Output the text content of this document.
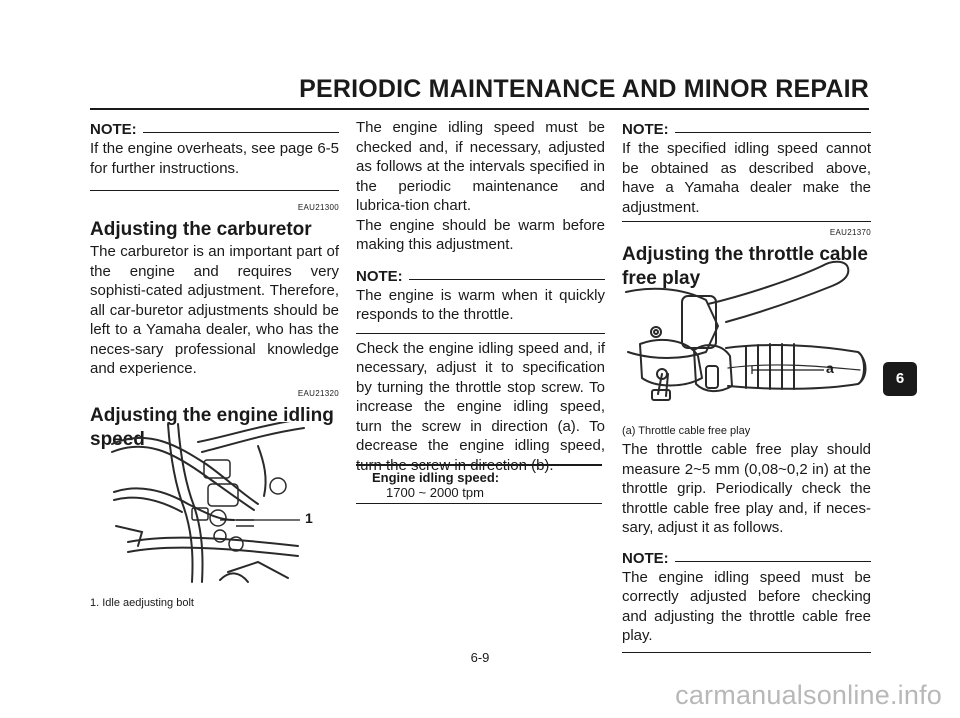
PERIODIC MAINTENANCE AND MINOR REPAIR
NOTE:

If the engine overheats, see page 6-5 for further instructions.

EAU21300
Adjusting the carburetor

The carburetor is an important part of the engine and requires very sophisti-cated adjustment. Therefore, all car-buretor adjustments should be left to a Yamaha dealer, who has the neces-sary professional knowledge and experience.

EAU21320
Adjusting the engine idling speed
1
1. Idle aedjusting bolt

The engine idling speed must be checked and, if necessary, adjusted as follows at the intervals specified in the periodic maintenance and lubrica-tion chart.

The engine should be warm before making this adjustment.

NOTE:

The engine is warm when it quickly responds to the throttle.

Check the engine idling speed and, if necessary, adjust it to specification by turning the throttle stop screw. To increase the engine idling speed, turn the screw in direction (a). To decrease the engine idling speed, turn the screw in direction (b).

Engine idling speed:
1700 ~ 2000 tpm
NOTE:

If the specified idling speed cannot be obtained as described above, have a Yamaha dealer make the adjustment.

EAU21370
Adjusting the throttle cable free play
a
(a) Throttle cable free play

The throttle cable free play should measure 2~5 mm (0,08~0,2 in) at the throttle grip. Periodically check the throttle cable free play and, if neces-sary, adjust it as follows.

NOTE:

The engine idling speed must be correctly adjusted before checking and adjusting the throttle cable free play.

6-9
6
carmanualsonline.info
